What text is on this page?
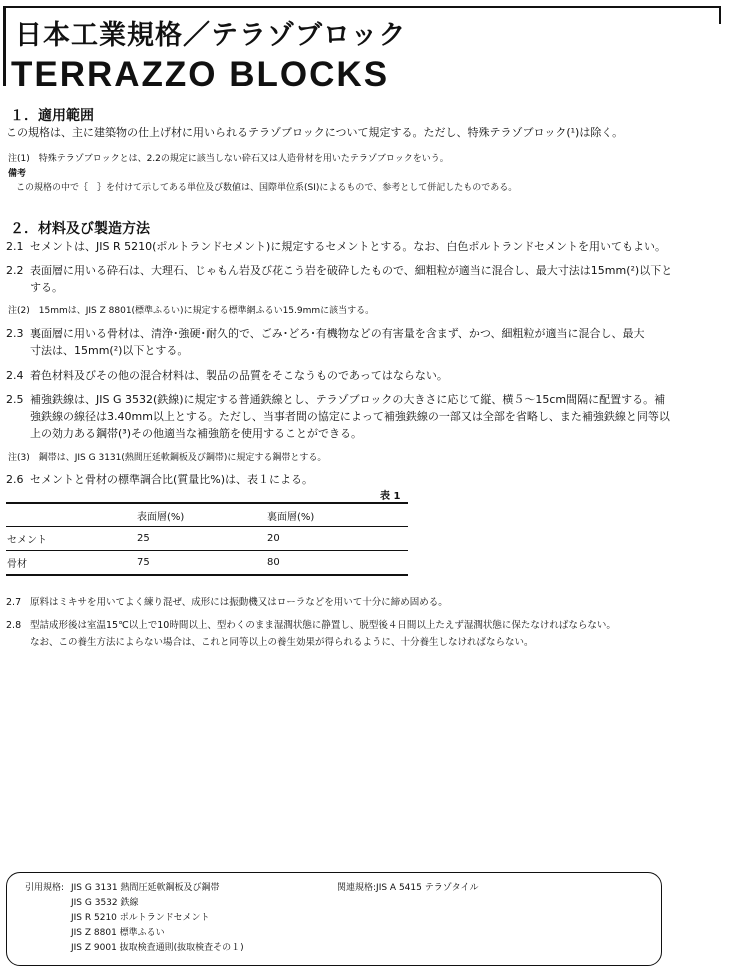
日本工業規格／テラゾブロック
TERRAZZO BLOCKS
１．適用範囲
この規格は、主に建築物の仕上げ材に用いられるテラゾブロックについて規定する。ただし、特殊テラゾブロック(¹)は除く。
注(1)　特殊テラゾブロックとは、2.2の規定に該当しない砕石又は人造骨材を用いたテラゾブロックをいう。
備考
この規格の中で｛　｝を付けて示してある単位及び数値は、国際単位系(SI)によるもので、参考として併記したものである。
２．材料及び製造方法
2.1 セメントは、JIS R 5210(ポルトランドセメント)に規定するセメントとする。なお、白色ポルトランドセメントを用いてもよい。
2.2 表面層に用いる砕石は、大理石、じゃもん岩及び花こう岩を破砕したもので、細粗粒が適当に混合し、最大寸法は15mm(²)以下と
する。
注(2)　15mmは、JIS Z 8801(標準ふるい)に規定する標準網ふるい15.9mmに該当する。
2.3 裏面層に用いる骨材は、清浄･強硬･耐久的で、ごみ･どろ･有機物などの有害量を含まず、かつ、細粗粒が適当に混合し、最大
寸法は、15mm(²)以下とする。
2.4 着色材料及びその他の混合材料は、製品の品質をそこなうものであってはならない。
2.5 補強鉄線は、JIS G 3532(鉄線)に規定する普通鉄線とし、テラゾブロックの大きさに応じて縦、横５～15cm間隔に配置する。補
強鉄線の線径は3.40mm以上とする。ただし、当事者間の協定によって補強鉄線の一部又は全部を省略し、また補強鉄線と同等以
上の効力ある鋼帯(³)その他適当な補強筋を使用することができる。
注(3)　鋼帯は、JIS G 3131(熱間圧延軟鋼板及び鋼帯)に規定する鋼帯とする。
2.6 セメントと骨材の標準調合比(質量比%)は、表１による。
表 1
	表面層(%)	裏面層(%)
セメント	25	20
骨材	75	80
2.7 原料はミキサを用いてよく練り混ぜ、成形には振動機又はローラなどを用いて十分に締め固める。
2.8 型詰成形後は室温15℃以上で10時間以上、型わくのまま湿潤状態に静置し、脱型後４日間以上たえず湿潤状態に保たなければならない。
なお、この養生方法によらない場合は、これと同等以上の養生効果が得られるように、十分養生しなければならない。
引用規格: JIS G 3131 熱間圧延軟鋼板及び鋼帯
JIS G 3532 鉄線
JIS R 5210 ポルトランドセメント
JIS Z 8801 標準ふるい
JIS Z 9001 抜取検査通則(抜取検査その１)
関連規格:JIS A 5415 テラゾタイル
